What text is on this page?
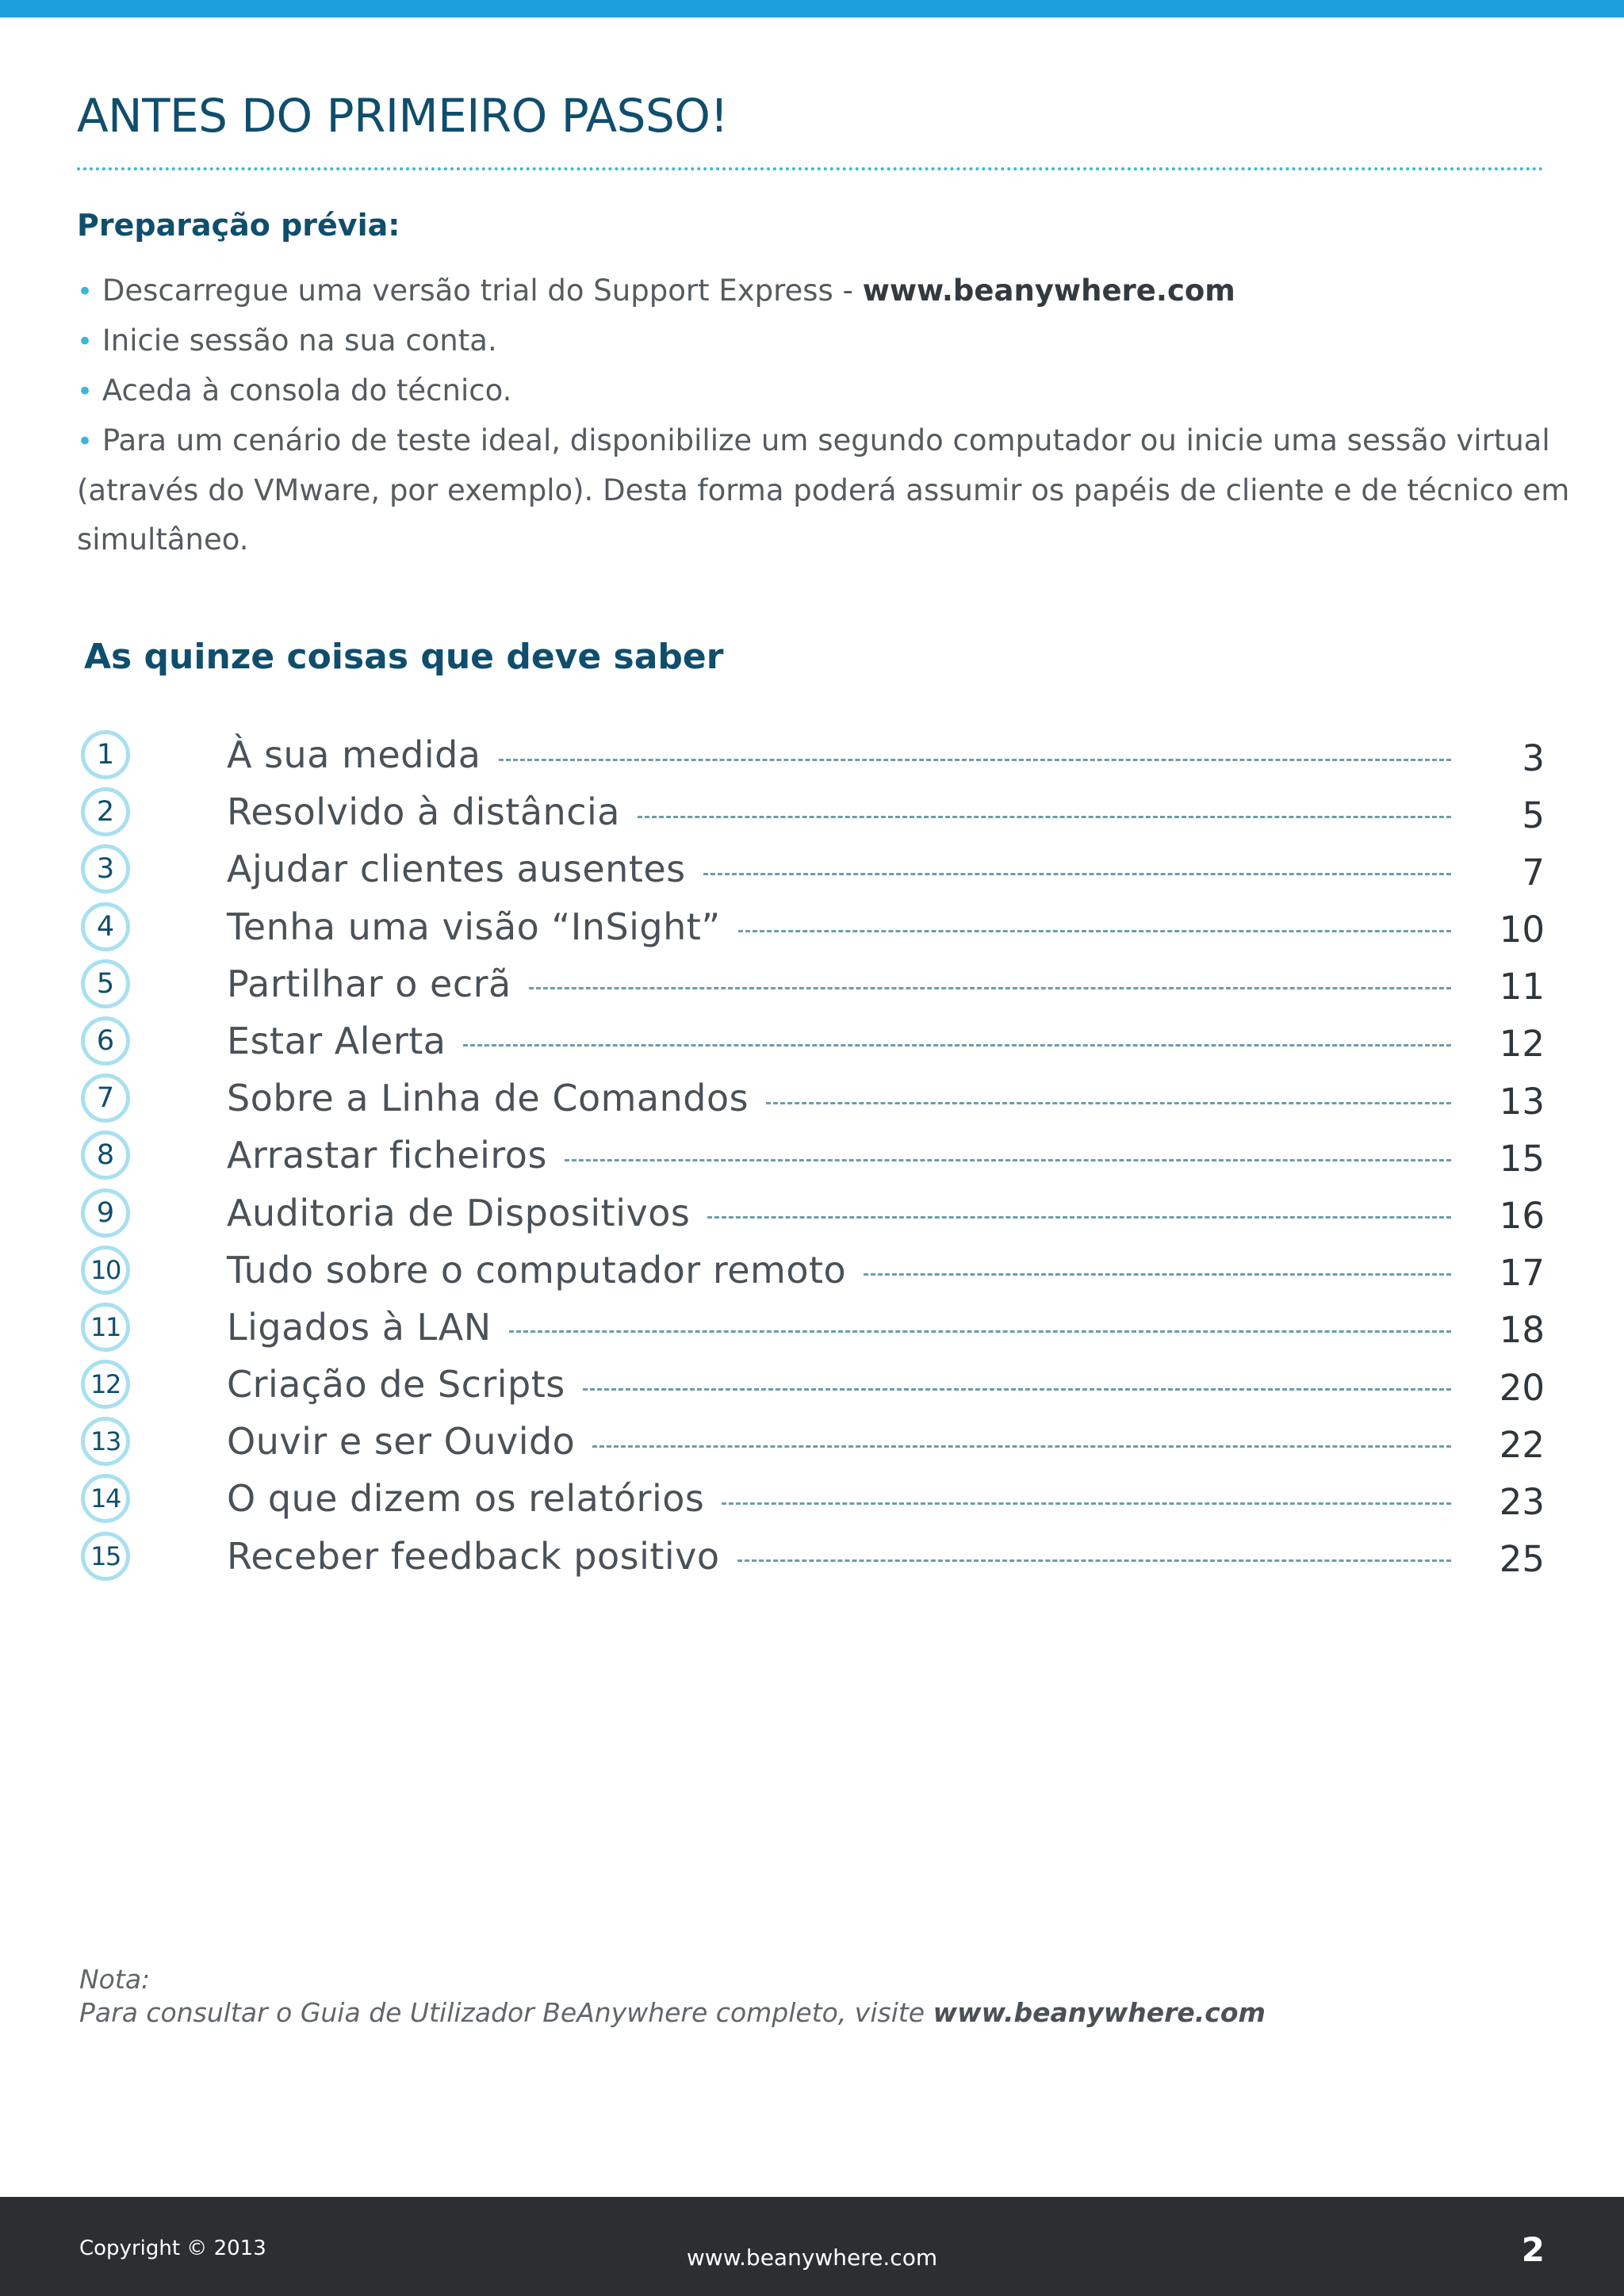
ANTES DO PRIMEIRO PASSO!
Preparação prévia:
• Descarregue uma versão trial do Support Express - www.beanywhere.com
• Inicie sessão na sua conta.
• Aceda à consola do técnico.
• Para um cenário de teste ideal, disponibilize um segundo computador ou inicie uma sessão virtual (através do VMware, por exemplo). Desta forma poderá assumir os papéis de cliente e de técnico em simultâneo.
As quinze coisas que deve saber
1	À sua medida	3
2	Resolvido à distância	5
3	Ajudar clientes ausentes	7
4	Tenha uma visão “InSight”	10
5	Partilhar o ecrã	11
6	Estar Alerta	12
7	Sobre a Linha de Comandos	13
8	Arrastar ficheiros	15
9	Auditoria de Dispositivos	16
10	Tudo sobre o computador remoto	17
11	Ligados à LAN	18
12	Criação de Scripts	20
13	Ouvir e ser Ouvido	22
14	O que dizem os relatórios	23
15	Receber feedback positivo	25

Nota:

Para consultar o Guia de Utilizador BeAnywhere completo, visite www.beanywhere.com

Copyright © 2013	www.beanywhere.com	2
